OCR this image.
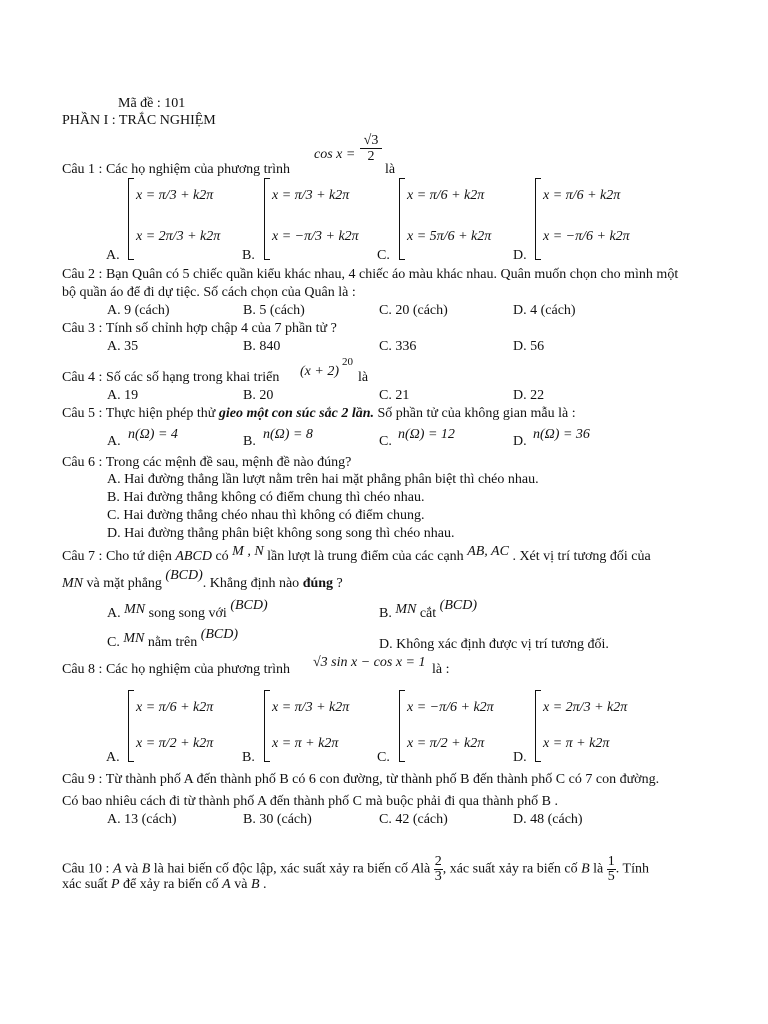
Mã đề : 101
PHẦN I : TRẮC NGHIỆM
Câu 1 : Các họ nghiệm của phương trình
$\cos x = \frac{√3}{2}$
là
A.
x = π/3 + k2π
x = 2π/3 + k2π
B.
x = π/3 + k2π
x = −π/3 + k2π
C.
x = π/6 + k2π
x = 5π/6 + k2π
D.
x = π/6 + k2π
x = −π/6 + k2π
Câu 2 : Bạn Quân có 5 chiếc quần kiểu khác nhau, 4 chiếc áo màu khác nhau. Quân muốn chọn cho mình một
bộ quần áo để đi dự tiệc. Số cách chọn của Quân là :
A. 9 (cách)	B. 5 (cách)	C. 20 (cách)	D. 4 (cách)
Câu 3 : Tính số chỉnh hợp chập 4 của 7 phần tử ?
A. 35	B. 840	C. 336	D. 56
Câu 4 : Số các số hạng trong khai triển (x + 2)
20
là
A. 19	B. 20	C. 21	D. 22
Câu 5 : Thực hiện phép thử gieo một con súc sắc 2 lần. Số phần tử của không gian mẫu là :
A. n(Ω) = 4	B. n(Ω) = 8	C. n(Ω) = 12	D. n(Ω) = 36
Câu 6 : Trong các mệnh đề sau, mệnh đề nào đúng?
A. Hai đường thẳng lần lượt nằm trên hai mặt phẳng phân biệt thì chéo nhau.
B. Hai đường thẳng không có điểm chung thì chéo nhau.
C. Hai đường thẳng chéo nhau thì không có điểm chung.
D. Hai đường thẳng phân biệt không song song thì chéo nhau.
Câu 7 : Cho tứ diện ABCD có M , N lần lượt là trung điểm của các cạnh AB, AC . Xét vị trí tương đối của
MN và mặt phẳng (BCD). Khẳng định nào đúng ?
A. MN song song với (BCD)
B. MN cắt (BCD)
C. MN nằm trên (BCD)
D. Không xác định được vị trí tương đối.
Câu 8 : Các họ nghiệm của phương trình √3 sin x − cos x = 1 là :
A.
x = π/6 + k2π
x = π/2 + k2π
B.
x = π/3 + k2π
x = π + k2π
C.
x = −π/6 + k2π
x = π/2 + k2π
D.
x = 2π/3 + k2π
x = π + k2π
Câu 9 : Từ thành phố A đến thành phố B có 6 con đường, từ thành phố B đến thành phố C có 7 con đường.
Có bao nhiêu cách đi từ thành phố A đến thành phố C mà buộc phải đi qua thành phố B .
A. 13 (cách)	B. 30 (cách)	C. 42 (cách)	D. 48 (cách)
Câu 10 : A và B là hai biến cố độc lập, xác suất xảy ra biến cố Alà $\frac{2}{3}$ , xác suất xảy ra biến cố B là $\frac{1}{5}$ . Tính
xác suất P để xảy ra biến cố A và B .
